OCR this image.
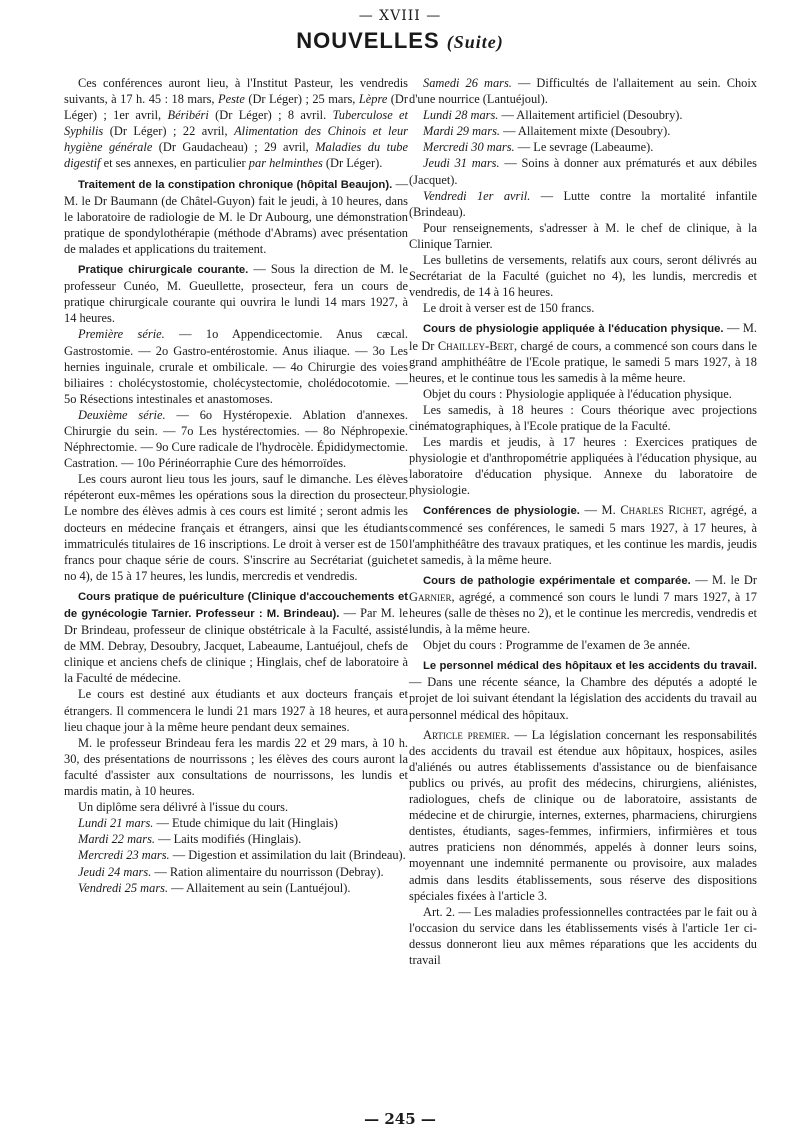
— XVIII —
NOUVELLES (Suite)

Ces conférences auront lieu, à l'Institut Pasteur, les vendredis suivants, à 17 h. 45 : 18 mars, Peste (Dr Léger) ; 25 mars, Lèpre (Dr Léger) ; 1er avril, Béribéri (Dr Léger) ; 8 avril. Tuberculose et Syphilis (Dr Léger) ; 22 avril, Alimentation des Chinois et leur hygiène générale (Dr Gaudacheau) ; 29 avril, Maladies du tube digestif et ses annexes, en particulier par helminthes (Dr Léger).

Traitement de la constipation chronique (hôpital Beaujon). — M. le Dr Baumann (de Châtel-Guyon) fait le jeudi, à 10 heures, dans le laboratoire de radiologie de M. le Dr Aubourg, une démonstration pratique de spondylothérapie (méthode d'Abrams) avec présentation de malades et applications du traitement.

Pratique chirurgicale courante. — Sous la direction de M. le professeur Cunéo, M. Gueullette, prosecteur, fera un cours de pratique chirurgicale courante qui ouvrira le lundi 14 mars 1927, à 14 heures.

Première série. — 1o Appendicectomie. Anus cæcal. Gastrostomie. — 2o Gastro-entérostomie. Anus iliaque. — 3o Les hernies inguinale, crurale et ombilicale. — 4o Chirurgie des voies biliaires : cholécystostomie, cholécystectomie, cholédocotomie. — 5o Résections intestinales et anastomoses.

Deuxième série. — 6o Hystéropexie. Ablation d'annexes. Chirurgie du sein. — 7o Les hystérectomies. — 8o Néphropexie. Néphrectomie. — 9o Cure radicale de l'hydrocèle. Épididymectomie. Castration. — 10o Périnéorraphie Cure des hémorroïdes.

Les cours auront lieu tous les jours, sauf le dimanche. Les élèves répéteront eux-mêmes les opérations sous la direction du prosecteur. Le nombre des élèves admis à ces cours est limité ; seront admis les docteurs en médecine français et étrangers, ainsi que les étudiants immatriculés titulaires de 16 inscriptions. Le droit à verser est de 150 francs pour chaque série de cours. S'inscrire au Secrétariat (guichet no 4), de 15 à 17 heures, les lundis, mercredis et vendredis.

Cours pratique de puériculture (Clinique d'accouchements et de gynécologie Tarnier. Professeur : M. Brindeau). — Par M. le Dr Brindeau, professeur de clinique obstétricale à la Faculté, assisté de MM. Debray, Desoubry, Jacquet, Labeaume, Lantuéjoul, chefs de clinique et anciens chefs de clinique ; Hinglais, chef de laboratoire à la Faculté de médecine.

Le cours est destiné aux étudiants et aux docteurs français et étrangers. Il commencera le lundi 21 mars 1927 à 18 heures, et aura lieu chaque jour à la même heure pendant deux semaines.

M. le professeur Brindeau fera les mardis 22 et 29 mars, à 10 h. 30, des présentations de nourrissons ; les élèves des cours auront la faculté d'assister aux consultations de nourrissons, les lundis et mardis matin, à 10 heures.

Un diplôme sera délivré à l'issue du cours.

Lundi 21 mars. — Etude chimique du lait (Hinglais)

Mardi 22 mars. — Laits modifiés (Hinglais).

Mercredi 23 mars. — Digestion et assimilation du lait (Brindeau).

Jeudi 24 mars. — Ration alimentaire du nourrisson (Debray).

Vendredi 25 mars. — Allaitement au sein (Lantuéjoul).

Samedi 26 mars. — Difficultés de l'allaitement au sein. Choix d'une nourrice (Lantuéjoul).

Lundi 28 mars. — Allaitement artificiel (Desoubry).

Mardi 29 mars. — Allaitement mixte (Desoubry).

Mercredi 30 mars. — Le sevrage (Labeaume).

Jeudi 31 mars. — Soins à donner aux prématurés et aux débiles (Jacquet).

Vendredi 1er avril. — Lutte contre la mortalité infantile (Brindeau).

Pour renseignements, s'adresser à M. le chef de clinique, à la Clinique Tarnier.

Les bulletins de versements, relatifs aux cours, seront délivrés au Secrétariat de la Faculté (guichet no 4), les lundis, mercredis et vendredis, de 14 à 16 heures.

Le droit à verser est de 150 francs.

Cours de physiologie appliquée à l'éducation physique. — M. le Dr Chailley-Bert, chargé de cours, a commencé son cours dans le grand amphithéâtre de l'Ecole pratique, le samedi 5 mars 1927, à 18 heures, et le continue tous les samedis à la même heure.

Objet du cours : Physiologie appliquée à l'éducation physique.

Les samedis, à 18 heures : Cours théorique avec projections cinématographiques, à l'Ecole pratique de la Faculté.

Les mardis et jeudis, à 17 heures : Exercices pratiques de physiologie et d'anthropométrie appliquées à l'éducation physique, au laboratoire d'éducation physique. Annexe du laboratoire de physiologie.

Conférences de physiologie. — M. Charles Richet, agrégé, a commencé ses conférences, le samedi 5 mars 1927, à 17 heures, à l'amphithéâtre des travaux pratiques, et les continue les mardis, jeudis et samedis, à la même heure.

Cours de pathologie expérimentale et comparée. — M. le Dr Garnier, agrégé, a commencé son cours le lundi 7 mars 1927, à 17 heures (salle de thèses no 2), et le continue les mercredis, vendredis et lundis, à la même heure.

Objet du cours : Programme de l'examen de 3e année.

Le personnel médical des hôpitaux et les accidents du travail. — Dans une récente séance, la Chambre des députés a adopté le projet de loi suivant étendant la législation des accidents du travail au personnel médical des hôpitaux.

Article premier. — La législation concernant les responsabilités des accidents du travail est étendue aux hôpitaux, hospices, asiles d'aliénés ou autres établissements d'assistance ou de bienfaisance publics ou privés, au profit des médecins, chirurgiens, aliénistes, radiologues, chefs de clinique ou de laboratoire, assistants de médecine et de chirurgie, internes, externes, pharmaciens, chirurgiens dentistes, étudiants, sages-femmes, infirmiers, infirmières et tous autres praticiens non dénommés, appelés à donner leurs soins, moyennant une indemnité permanente ou provisoire, aux malades admis dans lesdits établissements, sous réserve des dispositions spéciales fixées à l'article 3.

Art. 2. — Les maladies professionnelles contractées par le fait ou à l'occasion du service dans les établissements visés à l'article 1er ci-dessus donneront lieu aux mêmes réparations que les accidents du travail

— 245 —
